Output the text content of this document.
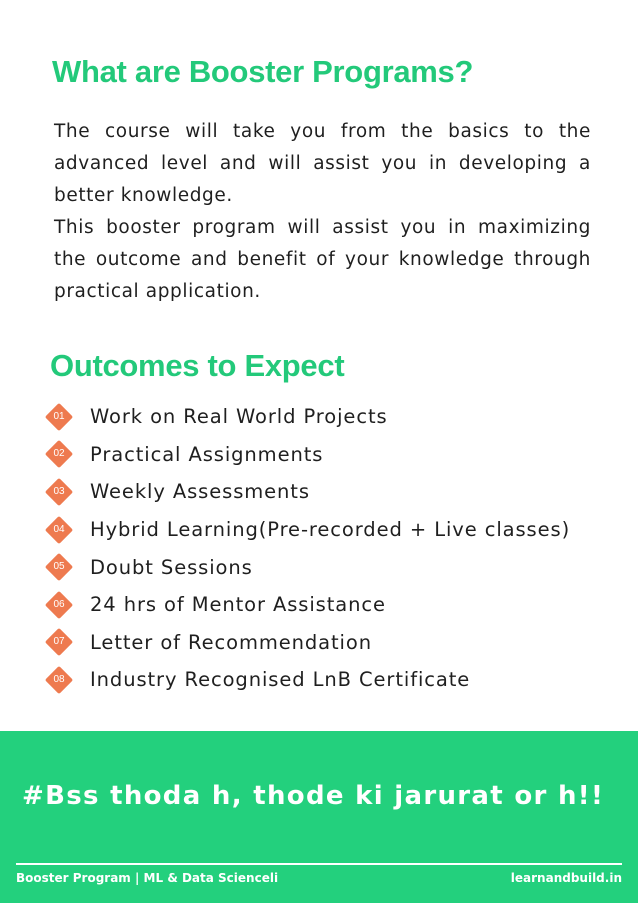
What are Booster Programs?

The course will take you from the basics to the advanced level and will assist you in developing a better knowledge.

This booster program will assist you in maximizing the outcome and benefit of your knowledge through practical application.

Outcomes to Expect
01	Work on Real World Projects
02	Practical Assignments
03	Weekly Assessments
04	Hybrid Learning(Pre-recorded + Live classes)
05	Doubt Sessions
06	24 hrs of Mentor Assistance
07	Letter of Recommendation
08	Industry Recognised LnB Certificate
#Bss thoda h, thode ki jarurat or h!!
Booster Program | ML & Data Scienceli	learnandbuild.in
